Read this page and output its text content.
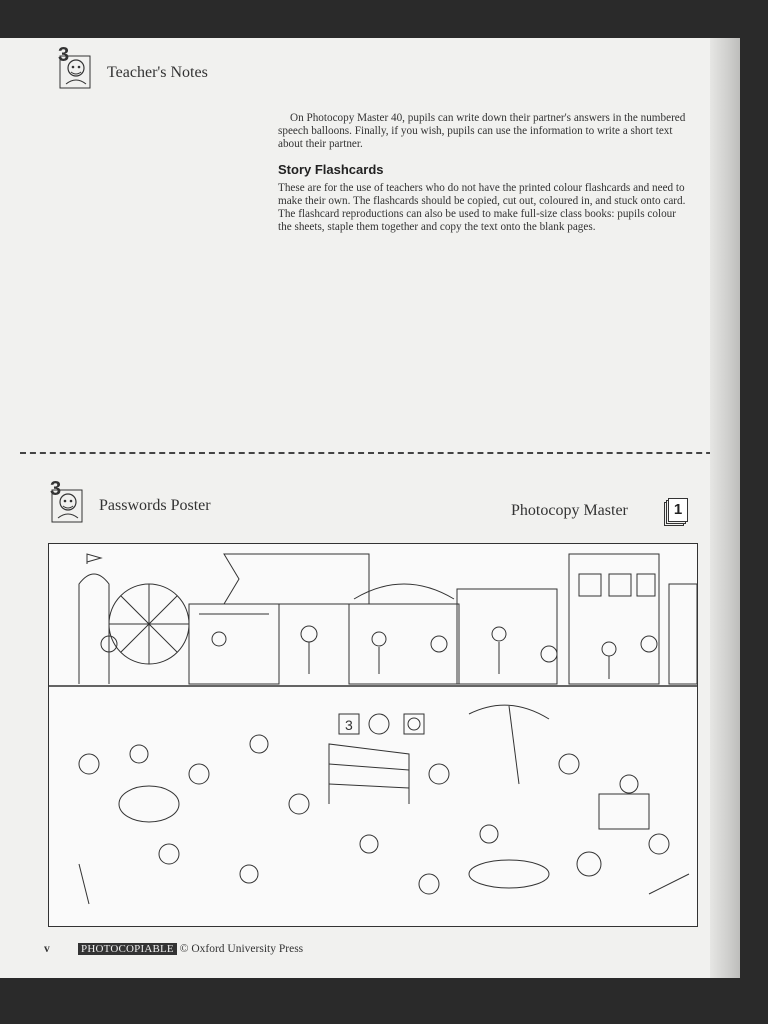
3
Teacher's Notes
On Photocopy Master 40, pupils can write down their partner's answers in the numbered speech balloons. Finally, if you wish, pupils can use the information to write a short text about their partner.
Story Flashcards
These are for the use of teachers who do not have the printed colour flashcards and need to make their own. The flashcards should be copied, cut out, coloured in, and stuck onto card. The flashcard reproductions can also be used to make full-size class books: pupils colour the sheets, staple them together and copy the text onto the blank pages.
3
Passwords Poster	Photocopy Master	1
3
v	PHOTOCOPIABLE © Oxford University Press
